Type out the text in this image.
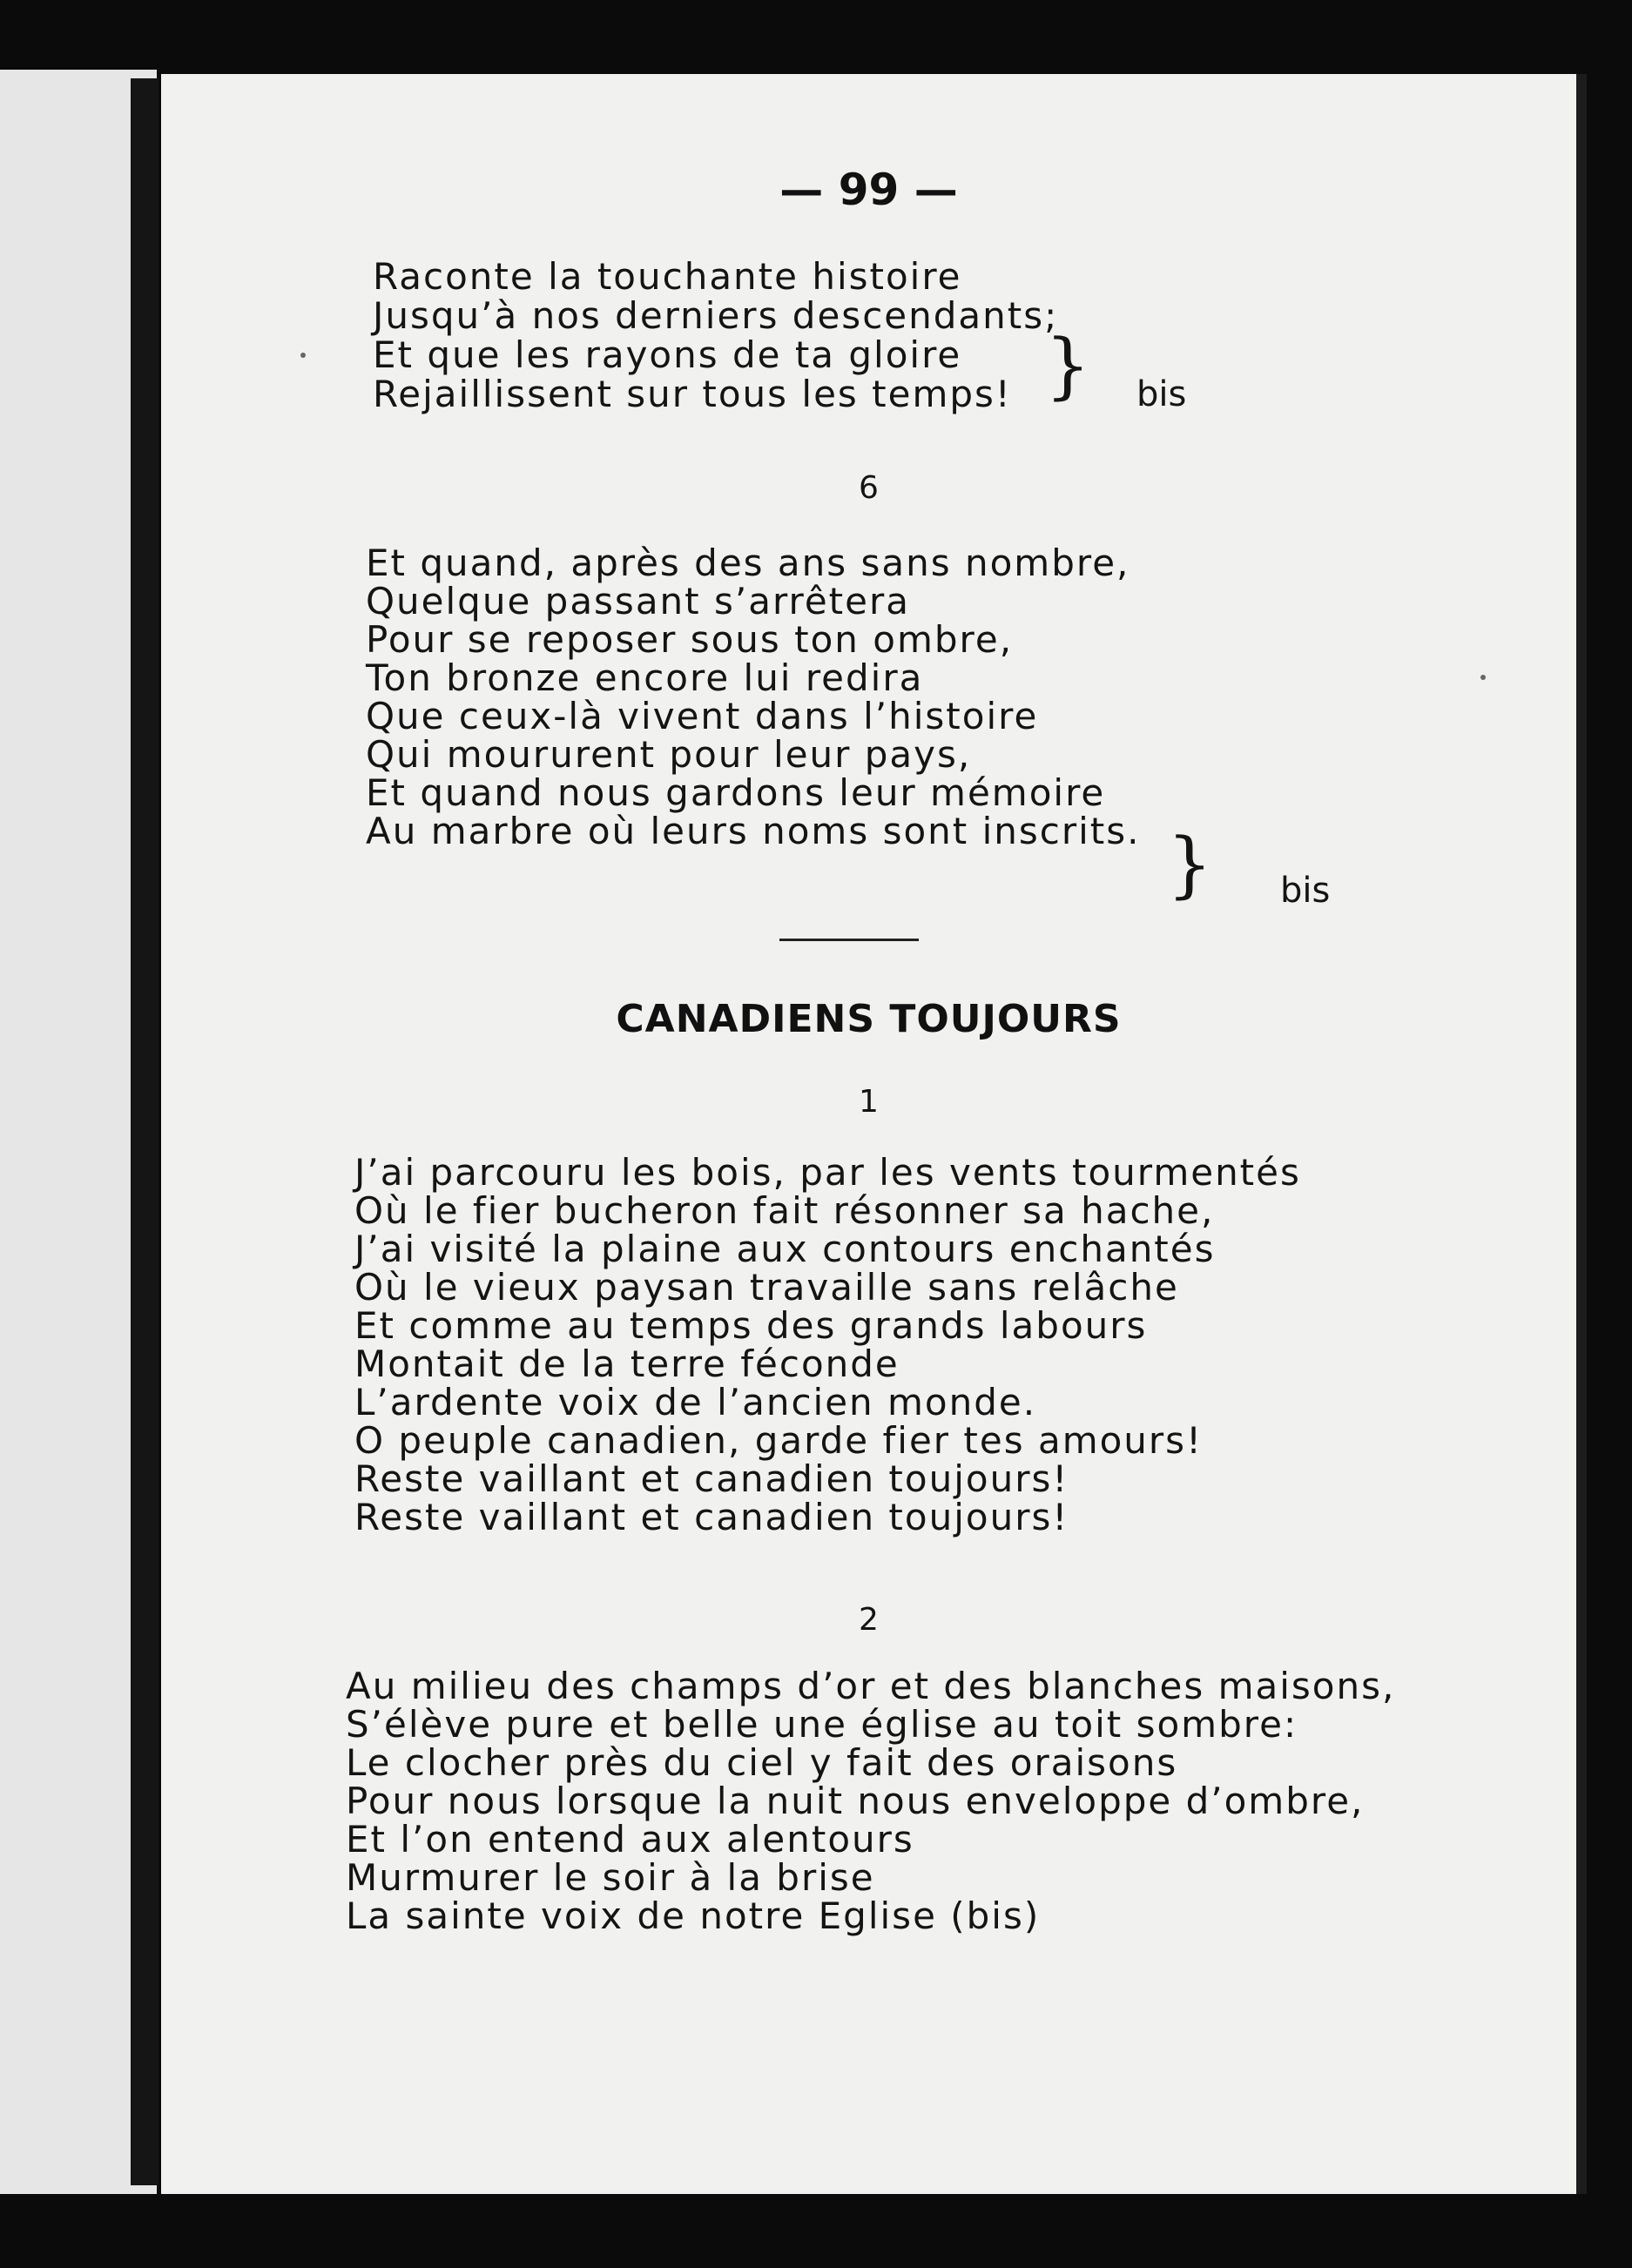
— 99 —
Raconte la touchante histoire
Jusqu’à nos derniers descendants;
Et que les rayons de ta gloire
Rejaillissent sur tous les temps! } bis
6
Et quand, après des ans sans nombre,
Quelque passant s’arrêtera
Pour se reposer sous ton ombre,
Ton bronze encore lui redira
Que ceux-là vivent dans l’histoire
Qui moururent pour leur pays,
Et quand nous gardons leur mémoire
Au marbre où leurs noms sont inscrits. } bis
CANADIENS TOUJOURS
1
J’ai parcouru les bois, par les vents tourmentés
Où le fier bucheron fait résonner sa hache,
J’ai visité la plaine aux contours enchantés
Où le vieux paysan travaille sans relâche
Et comme au temps des grands labours
Montait de la terre féconde
L’ardente voix de l’ancien monde.
O peuple canadien, garde fier tes amours!
Reste vaillant et canadien toujours!
Reste vaillant et canadien toujours!
2
Au milieu des champs d’or et des blanches maisons,
S’élève pure et belle une église au toit sombre:
Le clocher près du ciel y fait des oraisons
Pour nous lorsque la nuit nous enveloppe d’ombre,
Et l’on entend aux alentours
Murmurer le soir à la brise
La sainte voix de notre Eglise (bis)
